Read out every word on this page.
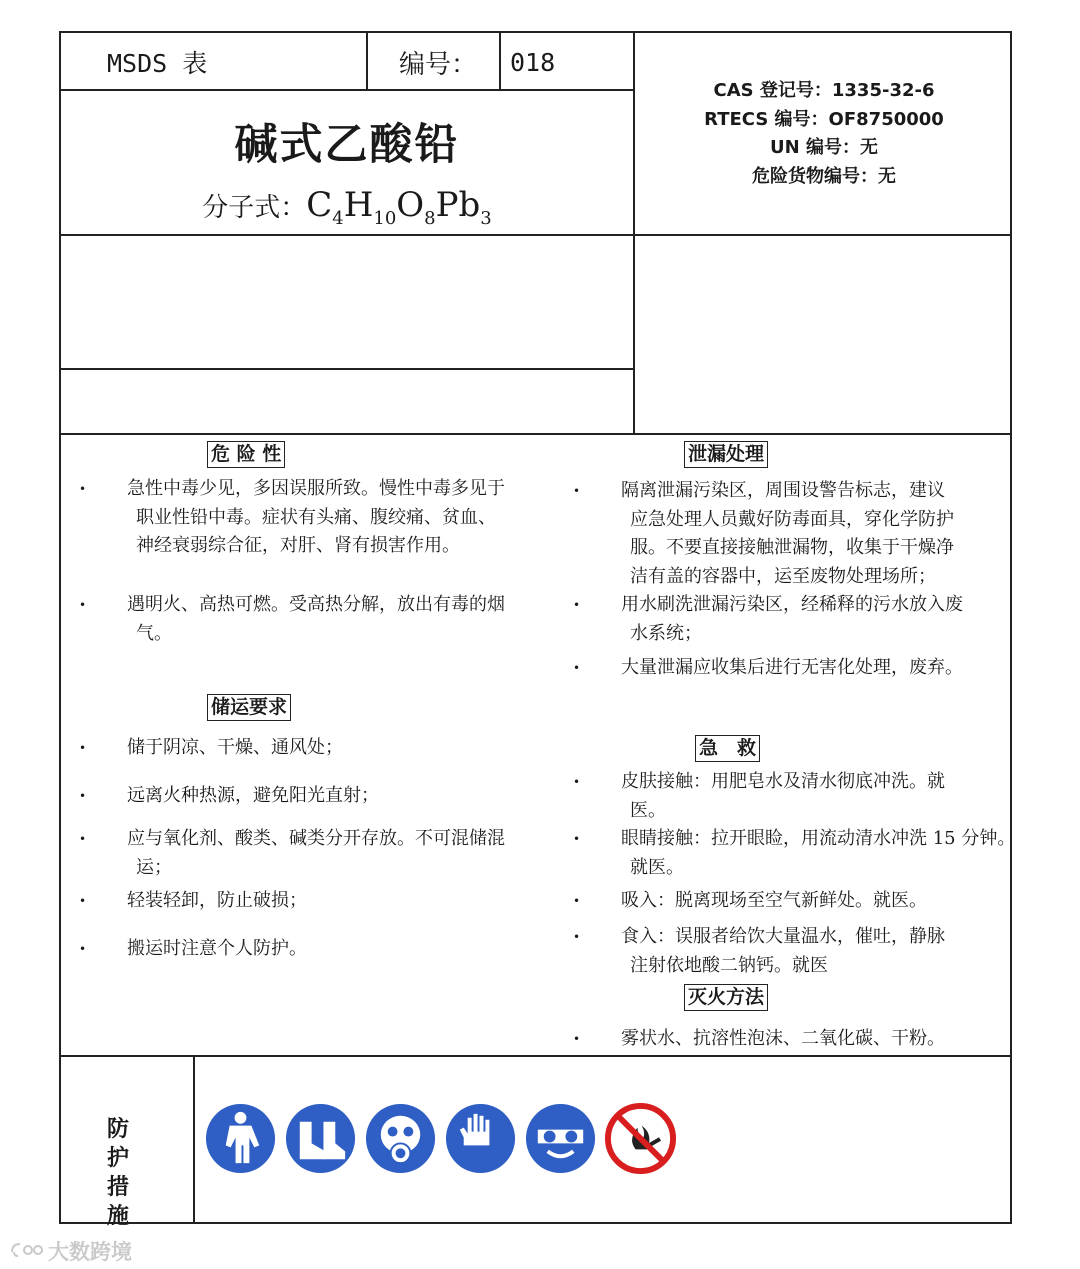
MSDS 表	编号： 018
碱式乙酸铅
分子式：$C_4H_{10}O_8Pb_3$
CAS 登记号：1335-32-6
RTECS 编号：OF8750000
UN 编号：无
危险货物编号：无
危 险 性
•	急性中毒少见，多因误服所致。慢性中毒多见于
职业性铅中毒。症状有头痛、腹绞痛、贫血、
神经衰弱综合征，对肝、肾有损害作用。
•	遇明火、高热可燃。受高热分解，放出有毒的烟
气。
储运要求
•	储于阴凉、干燥、通风处；
•	远离火种热源，避免阳光直射；
•	应与氧化剂、酸类、碱类分开存放。不可混储混
运；
•	轻装轻卸，防止破损；
•	搬运时注意个人防护。
泄漏处理
•	隔离泄漏污染区，周围设警告标志，建议
应急处理人员戴好防毒面具，穿化学防护
服。不要直接接触泄漏物，收集于干燥净
洁有盖的容器中，运至废物处理场所；
•	用水刷洗泄漏污染区，经稀释的污水放入废
水系统；
•	大量泄漏应收集后进行无害化处理，废弃。
急　救
•	皮肤接触：用肥皂水及清水彻底冲洗。就
医。
•	眼睛接触：拉开眼睑，用流动清水冲洗 15 分钟。
就医。
•	吸入：脱离现场至空气新鲜处。就医。
•	食入：误服者给饮大量温水，催吐，静脉
注射依地酸二钠钙。就医
灭火方法
•	雾状水、抗溶性泡沫、二氧化碳、干粉。
防
护
措
施
大数跨境
